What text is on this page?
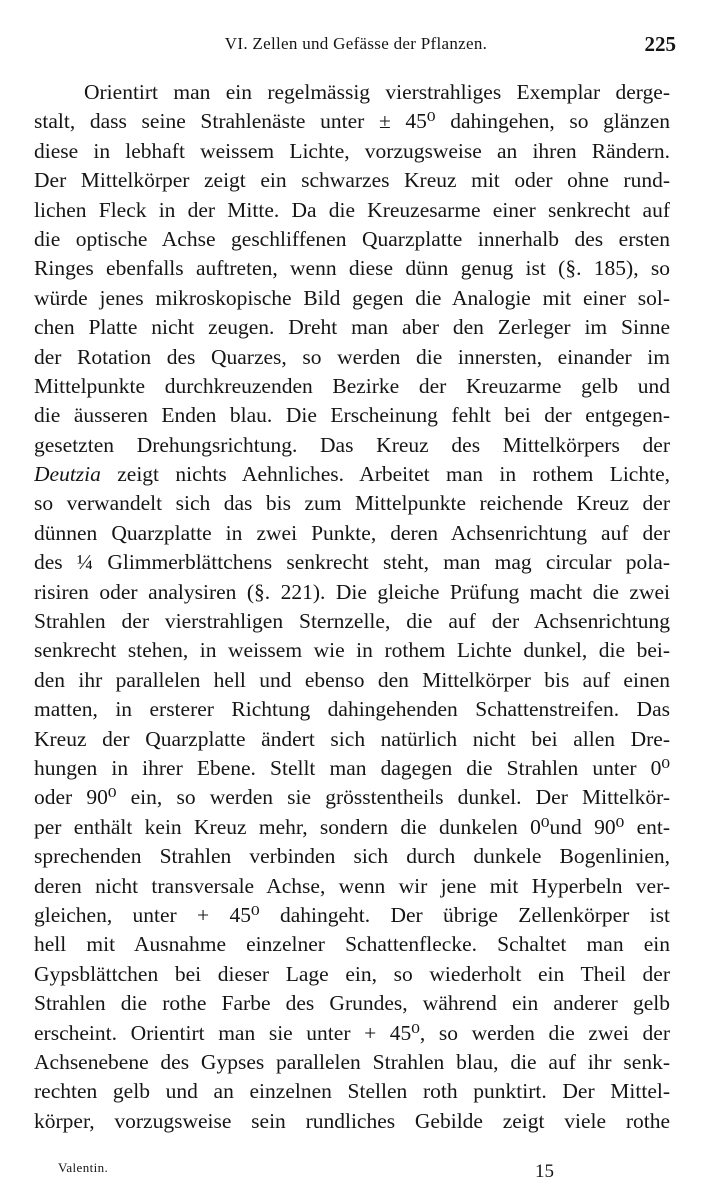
VI. Zellen und Gefässe der Pflanzen.	225
Orientirt man ein regelmässig vierstrahliges Exemplar derge-
stalt, dass seine Strahlenäste unter ± 45⁰ dahingehen, so glänzen
diese in lebhaft weissem Lichte, vorzugsweise an ihren Rändern.
Der Mittelkörper zeigt ein schwarzes Kreuz mit oder ohne rund-
lichen Fleck in der Mitte. Da die Kreuzesarme einer senkrecht auf
die optische Achse geschliffenen Quarzplatte innerhalb des ersten
Ringes ebenfalls auftreten, wenn diese dünn genug ist (§. 185), so
würde jenes mikroskopische Bild gegen die Analogie mit einer sol-
chen Platte nicht zeugen. Dreht man aber den Zerleger im Sinne
der Rotation des Quarzes, so werden die innersten, einander im
Mittelpunkte durchkreuzenden Bezirke der Kreuzarme gelb und
die äusseren Enden blau. Die Erscheinung fehlt bei der entgegen-
gesetzten Drehungsrichtung. Das Kreuz des Mittelkörpers der
Deutzia zeigt nichts Aehnliches. Arbeitet man in rothem Lichte,
so verwandelt sich das bis zum Mittelpunkte reichende Kreuz der
dünnen Quarzplatte in zwei Punkte, deren Achsenrichtung auf der
des ¼ Glimmerblättchens senkrecht steht, man mag circular pola-
risiren oder analysiren (§. 221). Die gleiche Prüfung macht die zwei
Strahlen der vierstrahligen Sternzelle, die auf der Achsenrichtung
senkrecht stehen, in weissem wie in rothem Lichte dunkel, die bei-
den ihr parallelen hell und ebenso den Mittelkörper bis auf einen
matten, in ersterer Richtung dahingehenden Schattenstreifen. Das
Kreuz der Quarzplatte ändert sich natürlich nicht bei allen Dre-
hungen in ihrer Ebene. Stellt man dagegen die Strahlen unter 0⁰
oder 90⁰ ein, so werden sie grösstentheils dunkel. Der Mittelkör-
per enthält kein Kreuz mehr, sondern die dunkelen 0⁰und 90⁰ ent-
sprechenden Strahlen verbinden sich durch dunkele Bogenlinien,
deren nicht transversale Achse, wenn wir jene mit Hyperbeln ver-
gleichen, unter + 45⁰ dahingeht. Der übrige Zellenkörper ist
hell mit Ausnahme einzelner Schattenflecke. Schaltet man ein
Gypsblättchen bei dieser Lage ein, so wiederholt ein Theil der
Strahlen die rothe Farbe des Grundes, während ein anderer gelb
erscheint. Orientirt man sie unter + 45⁰, so werden die zwei der
Achsenebene des Gypses parallelen Strahlen blau, die auf ihr senk-
rechten gelb und an einzelnen Stellen roth punktirt. Der Mittel-
körper, vorzugsweise sein rundliches Gebilde zeigt viele rothe
Valentin.	15
